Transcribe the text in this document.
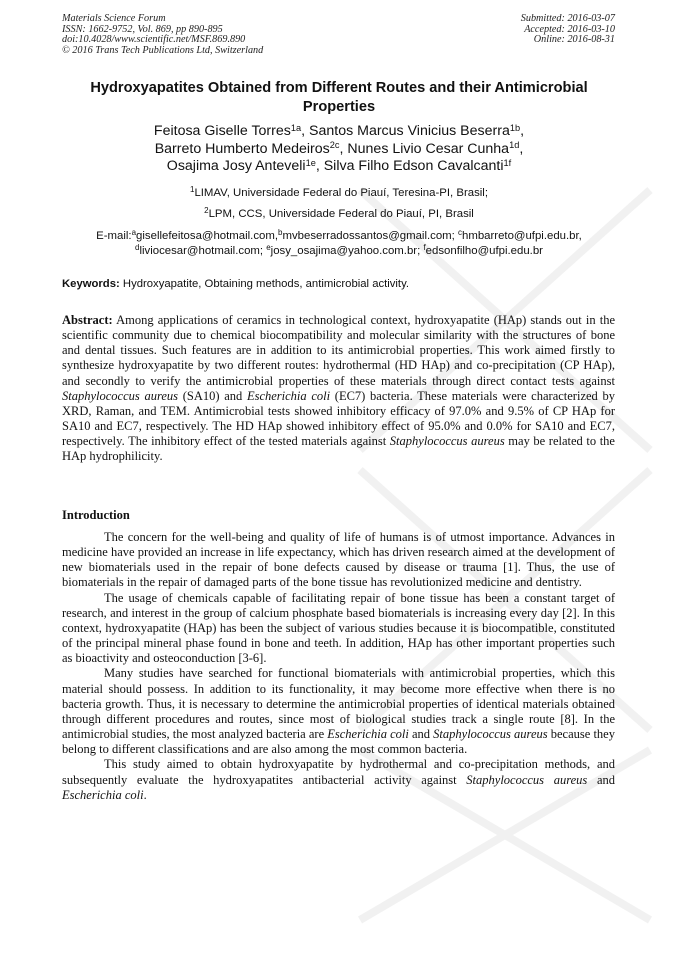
Materials Science Forum
ISSN: 1662-9752, Vol. 869, pp 890-895
doi:10.4028/www.scientific.net/MSF.869.890
© 2016 Trans Tech Publications Ltd, Switzerland
Submitted: 2016-03-07
Accepted: 2016-03-10
Online: 2016-08-31
Hydroxyapatites Obtained from Different Routes and their Antimicrobial
Properties
Feitosa Giselle Torres$^{1a}$, Santos Marcus Vinicius Beserra$^{1b}$,
Barreto Humberto Medeiros$^{2c}$, Nunes Livio Cesar Cunha$^{1d}$,
Osajima Josy Anteveli$^{1e}$, Silva Filho Edson Cavalcanti$^{1f}$
$^1$LIMAV, Universidade Federal do Piauí, Teresina-PI, Brasil;
$^2$LPM, CCS, Universidade Federal do Piauí, PI, Brasil
E-mail:$^a$gisellefeitosa@hotmail.com,$^b$mvbeserradossantos@gmail.com; $^c$hmbarreto@ufpi.edu.br,
$^d$liviocesar@hotmail.com; $^e$josy_osajima@yahoo.com.br; $^f$edsonfilho@ufpi.edu.br
Keywords: Hydroxyapatite, Obtaining methods, antimicrobial activity.
Abstract: Among applications of ceramics in technological context, hydroxyapatite (HAp) stands out in the scientific community due to chemical biocompatibility and molecular similarity with the structures of bone and dental tissues. Such features are in addition to its antimicrobial properties. This work aimed firstly to synthesize hydroxyapatite by two different routes: hydrothermal (HD HAp) and co-precipitation (CP HAp), and secondly to verify the antimicrobial properties of these materials through direct contact tests against Staphylococcus aureus (SA10) and Escherichia coli (EC7) bacteria. These materials were characterized by XRD, Raman, and TEM. Antimicrobial tests showed inhibitory efficacy of 97.0% and 9.5% of CP HAp for SA10 and EC7, respectively. The HD HAp showed inhibitory effect of 95.0% and 0.0% for SA10 and EC7, respectively. The inhibitory effect of the tested materials against Staphylococcus aureus may be related to the HAp hydrophilicity.
Introduction

The concern for the well-being and quality of life of humans is of utmost importance. Advances in medicine have provided an increase in life expectancy, which has driven research aimed at the development of new biomaterials used in the repair of bone defects caused by disease or trauma [1]. Thus, the use of biomaterials in the repair of damaged parts of the bone tissue has revolutionized medicine and dentistry.

The usage of chemicals capable of facilitating repair of bone tissue has been a constant target of research, and interest in the group of calcium phosphate based biomaterials is increasing every day [2]. In this context, hydroxyapatite (HAp) has been the subject of various studies because it is biocompatible, constituted of the principal mineral phase found in bone and teeth. In addition, HAp has other important properties such as bioactivity and osteoconduction [3-6].

Many studies have searched for functional biomaterials with antimicrobial properties, which this material should possess. In addition to its functionality, it may become more effective when there is no bacteria growth. Thus, it is necessary to determine the antimicrobial properties of identical materials obtained through different procedures and routes, since most of biological studies track a single route [8]. In the antimicrobial studies, the most analyzed bacteria are Escherichia coli and Staphylococcus aureus because they belong to different classifications and are also among the most common bacteria.

This study aimed to obtain hydroxyapatite by hydrothermal and co-precipitation methods, and subsequently evaluate the hydroxyapatites antibacterial activity against Staphylococcus aureus and Escherichia coli.
